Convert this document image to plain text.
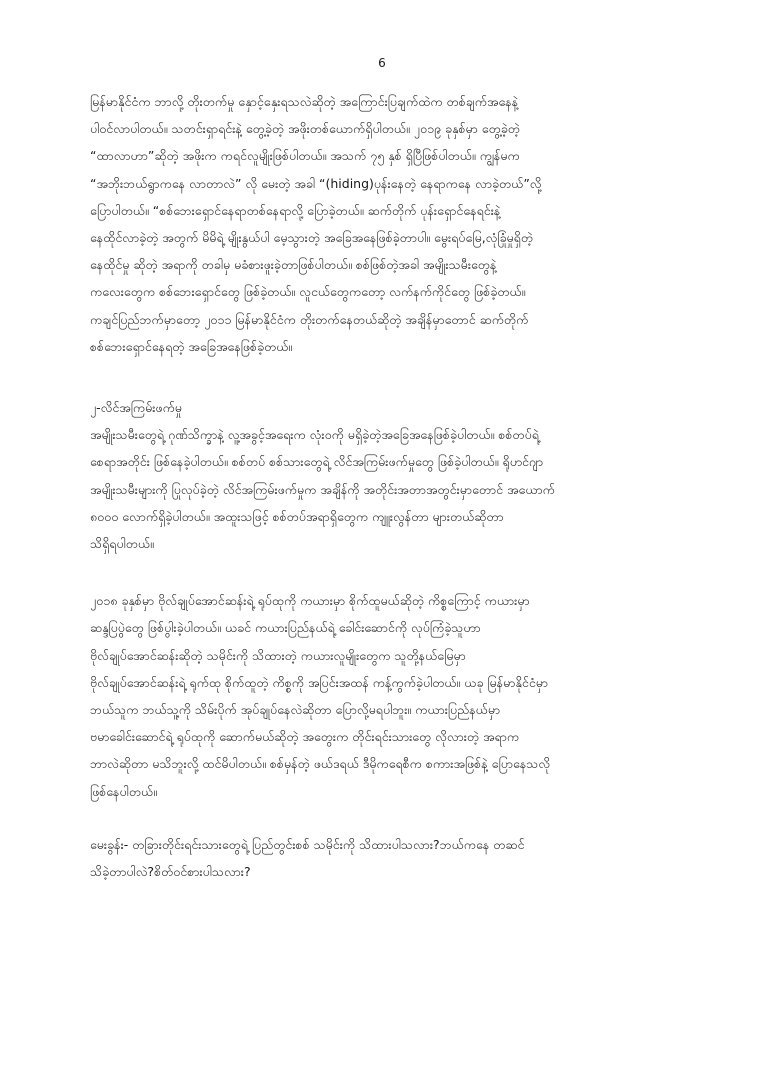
6

မြန်မာနိုင်ငံက ဘာလို့ တိုးတက်မှု နှောင့်နှေးရသလဲဆိုတဲ့ အကြောင်းပြချက်ထဲက တစ်ချက်အနေနဲ့
ပါဝင်လာပါတယ်။ သတင်းရှာရင်းနဲ့ တွေ့ခဲ့တဲ့ အဖိုးတစ်ယောက်ရှိပါတယ်။ ၂၀၁၉ ခုနှစ်မှာ တွေ့ခဲ့တဲ့
“ထာလာဟာ”ဆိုတဲ့ အဖိုးက ကရင်လူမျိုးဖြစ်ပါတယ်။ အသက် ၇၅ နှစ် ရှိပြီဖြစ်ပါတယ်။ ကျွန်မက
“အဘိုးဘယ်ရွာကနေ လာတာလဲ” လို မေးတဲ့ အခါ “(hiding)ပုန်းနေတဲ့ နေရာကနေ လာခဲ့တယ်”လို့
ပြောပါတယ်။ “စစ်ဘေးရှောင်နေရာတစ်နေရာလို့ ပြောခဲ့တယ်။ ဆက်တိုက် ပုန်းရှောင်နေရင်းနဲ့
နေထိုင်လာခဲ့တဲ့ အတွက် မိမိရဲ့ မျိုးနွယ်ပါ မေ့သွားတဲ့ အခြေအနေဖြစ်ခဲ့တာပါ။ မွေးရပ်မြေ,လုံခြုံမှုရှိတဲ့
နေထိုင်မှု ဆိုတဲ့ အရာကို တခါမှ မခံစားဖူးခဲ့တာဖြစ်ပါတယ်။ စစ်ဖြစ်တဲ့အခါ အမျိုးသမီးတွေနဲ့
ကလေးတွေက စစ်ဘေးရှောင်တွေ ဖြစ်ခဲ့တယ်။ လူငယ်တွေကတော့ လက်နက်ကိုင်တွေ ဖြစ်ခဲ့တယ်။
ကချင်ပြည်ဘက်မှာတော့ ၂၀၁၁ မြန်မာနိုင်ငံက တိုးတက်နေတယ်ဆိုတဲ့ အချိန်မှာတောင် ဆက်တိုက်
စစ်ဘေးရှောင်နေရတဲ့ အခြေအနေဖြစ်ခဲ့တယ်။

၂-လိင်အကြမ်းဖက်မှု
အမျိုးသမီးတွေရဲ့ ဂုဏ်သိက္ခာနဲ့ လူ့အခွင့်အရေးက လုံးဝကို မရှိခဲ့တဲ့အခြေအနေဖြစ်ခဲ့ပါတယ်။ စစ်တပ်ရဲ့
စေရာအတိုင်း ဖြစ်နေခဲ့ပါတယ်။ စစ်တပ် စစ်သားတွေရဲ့ လိင်အကြမ်းဖက်မှုတွေ ဖြစ်ခဲ့ပါတယ်။ ရိုဟင်ဂျာ
အမျိုးသမီးများကို ပြုလုပ်ခဲ့တဲ့ လိင်အကြမ်းဖက်မှုက အချိန်ကို အတိုင်းအတာအတွင်းမှာတောင် အယောက်
၈၀၀၀ လောက်ရှိခဲ့ပါတယ်။ အထူးသဖြင့် စစ်တပ်အရာရှိတွေက ကျူးလွန်တာ များတယ်ဆိုတာ
သိရှိရပါတယ်။

၂၀၁၈ ခုနှစ်မှာ ဗိုလ်ချုပ်အောင်ဆန်းရဲ့ ရုပ်ထုကို ကယားမှာ စိုက်ထူမယ်ဆိုတဲ့ ကိစ္စကြောင့် ကယားမှာ
ဆန္ဒပြပွဲတွေ ဖြစ်ပွါးခဲ့ပါတယ်။ ယခင် ကယားပြည်နယ်ရဲ့ ခေါင်းဆောင်ကို လုပ်ကြံခဲ့သူဟာ
ဗိုလ်ချုပ်အောင်ဆန်းဆိုတဲ့ သမိုင်းကို သိထားတဲ့ ကယားလူမျိုးတွေက သူတို့နယ်မြေမှာ
ဗိုလ်ချုပ်အောင်ဆန်းရဲ့ ရုက်ထု စိုက်ထူတဲ့ ကိစ္စကို အပြင်းအထန် ကန့်ကွက်ခဲ့ပါတယ်။ ယခု မြန်မာနိုင်ငံမှာ
ဘယ်သူက ဘယ်သူ့ကို သိမ်းပိုက် အုပ်ချုပ်နေလဲဆိုတာ ပြောလို့မရပါဘူး။ ကယားပြည်နယ်မှာ
ဗမာခေါင်းဆောင်ရဲ့ ရုပ်ထုကို ဆောက်မယ်ဆိုတဲ့ အတွေးက တိုင်းရင်းသားတွေ လိုလားတဲ့ အရာက
ဘာလဲဆိုတာ မသိဘူးလို့ ထင်မိပါတယ်။ စစ်မှန်တဲ့ ဖယ်ဒရယ် ဒီမိုကရေစီက စကားအဖြစ်နဲ့ ပြောနေသလို
ဖြစ်နေပါတယ်။

မေးခွန်း- တခြားတိုင်းရင်းသားတွေရဲ့ ပြည်တွင်းစစ် သမိုင်းကို သိထားပါသလား?ဘယ်ကနေ တဆင်
သိခဲ့တာပါလဲ?စိတ်ဝင်စားပါသလား?
